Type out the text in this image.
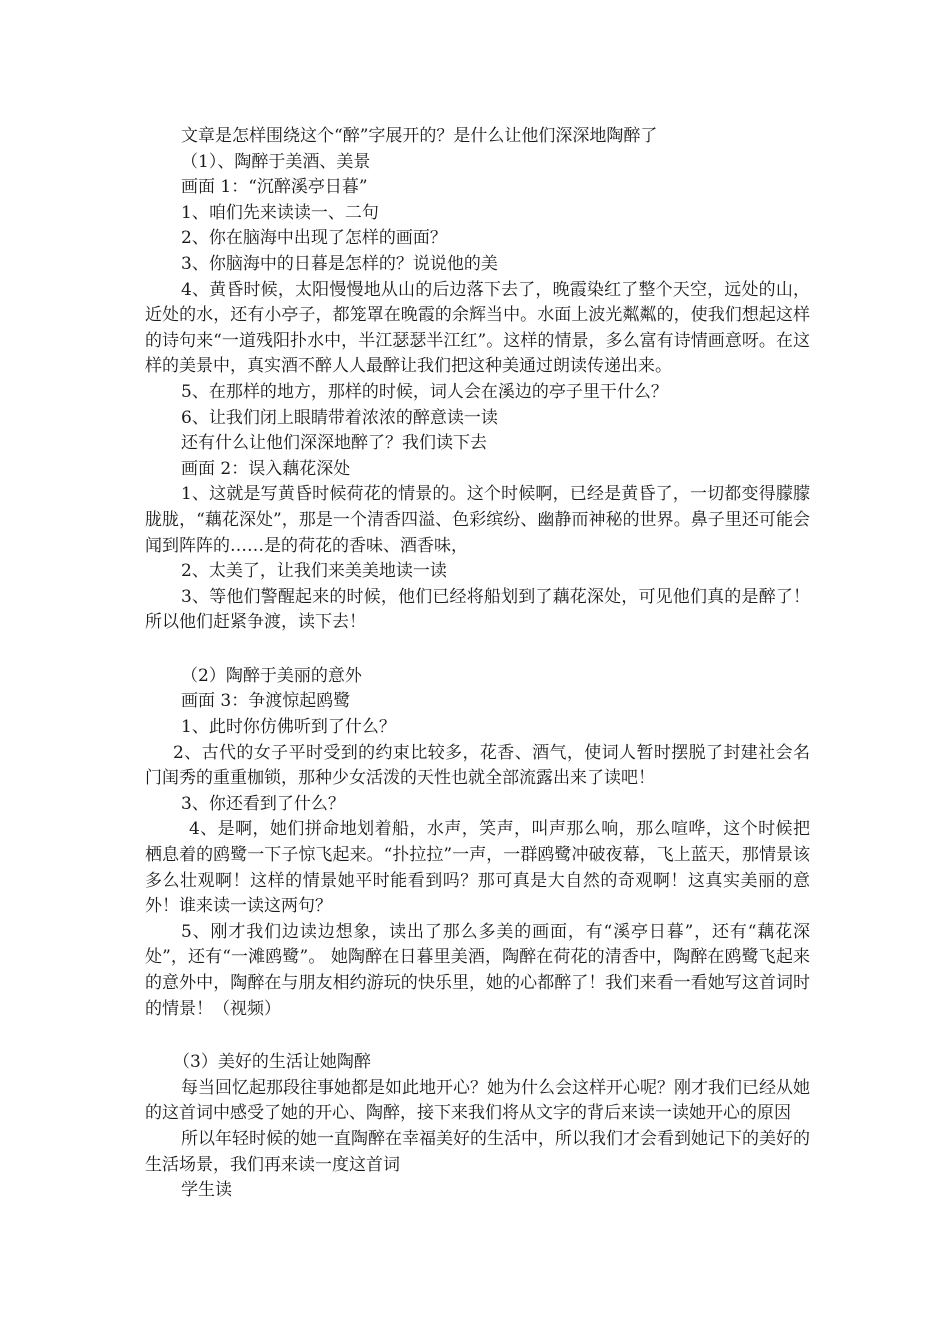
文章是怎样围绕这个“醉”字展开的？是什么让他们深深地陶醉了

（1）、陶醉于美酒、美景

画面 1：“沉醉溪亭日暮”

1、咱们先来读读一、二句

2、你在脑海中出现了怎样的画面？

3、你脑海中的日暮是怎样的？说说他的美

4、黄昏时候，太阳慢慢地从山的后边落下去了，晚霞染红了整个天空，远处的山，近处的水，还有小亭子，都笼罩在晚霞的余辉当中。水面上波光粼粼的，使我们想起这样的诗句来“一道残阳扑水中，半江瑟瑟半江红”。这样的情景，多么富有诗情画意呀。在这样的美景中，真实酒不醉人人最醉让我们把这种美通过朗读传递出来。

5、在那样的地方，那样的时候，词人会在溪边的亭子里干什么？

6、让我们闭上眼睛带着浓浓的醉意读一读

还有什么让他们深深地醉了？我们读下去

画面 2：误入藕花深处

1、这就是写黄昏时候荷花的情景的。这个时候啊，已经是黄昏了，一切都变得朦朦胧胧，“藕花深处”，那是一个清香四溢、色彩缤纷、幽静而神秘的世界。鼻子里还可能会闻到阵阵的……是的荷花的香味、酒香味，

2、太美了，让我们来美美地读一读

3、等他们警醒起来的时候，他们已经将船划到了藕花深处，可见他们真的是醉了！所以他们赶紧争渡，读下去！

（2）陶醉于美丽的意外

画面 3：争渡惊起鸥鹭

1、此时你仿佛听到了什么？

2、古代的女子平时受到的约束比较多，花香、酒气，使词人暂时摆脱了封建社会名门闺秀的重重枷锁，那种少女活泼的天性也就全部流露出来了读吧！

3、你还看到了什么？

4、是啊，她们拼命地划着船，水声，笑声，叫声那么响，那么喧哗，这个时候把栖息着的鸥鹭一下子惊飞起来。“扑拉拉”一声，一群鸥鹭冲破夜幕，飞上蓝天，那情景该多么壮观啊！这样的情景她平时能看到吗？那可真是大自然的奇观啊！这真实美丽的意外！谁来读一读这两句？

5、刚才我们边读边想象，读出了那么多美的画面，有“溪亭日暮”，还有“藕花深处”，还有“一滩鸥鹭”。 她陶醉在日暮里美酒，陶醉在荷花的清香中，陶醉在鸥鹭飞起来的意外中，陶醉在与朋友相约游玩的快乐里，她的心都醉了！我们来看一看她写这首词时的情景！（视频）

（3）美好的生活让她陶醉

每当回忆起那段往事她都是如此地开心？她为什么会这样开心呢？刚才我们已经从她的这首词中感受了她的开心、陶醉，接下来我们将从文字的背后来读一读她开心的原因

所以年轻时候的她一直陶醉在幸福美好的生活中，所以我们才会看到她记下的美好的生活场景，我们再来读一度这首词

学生读
